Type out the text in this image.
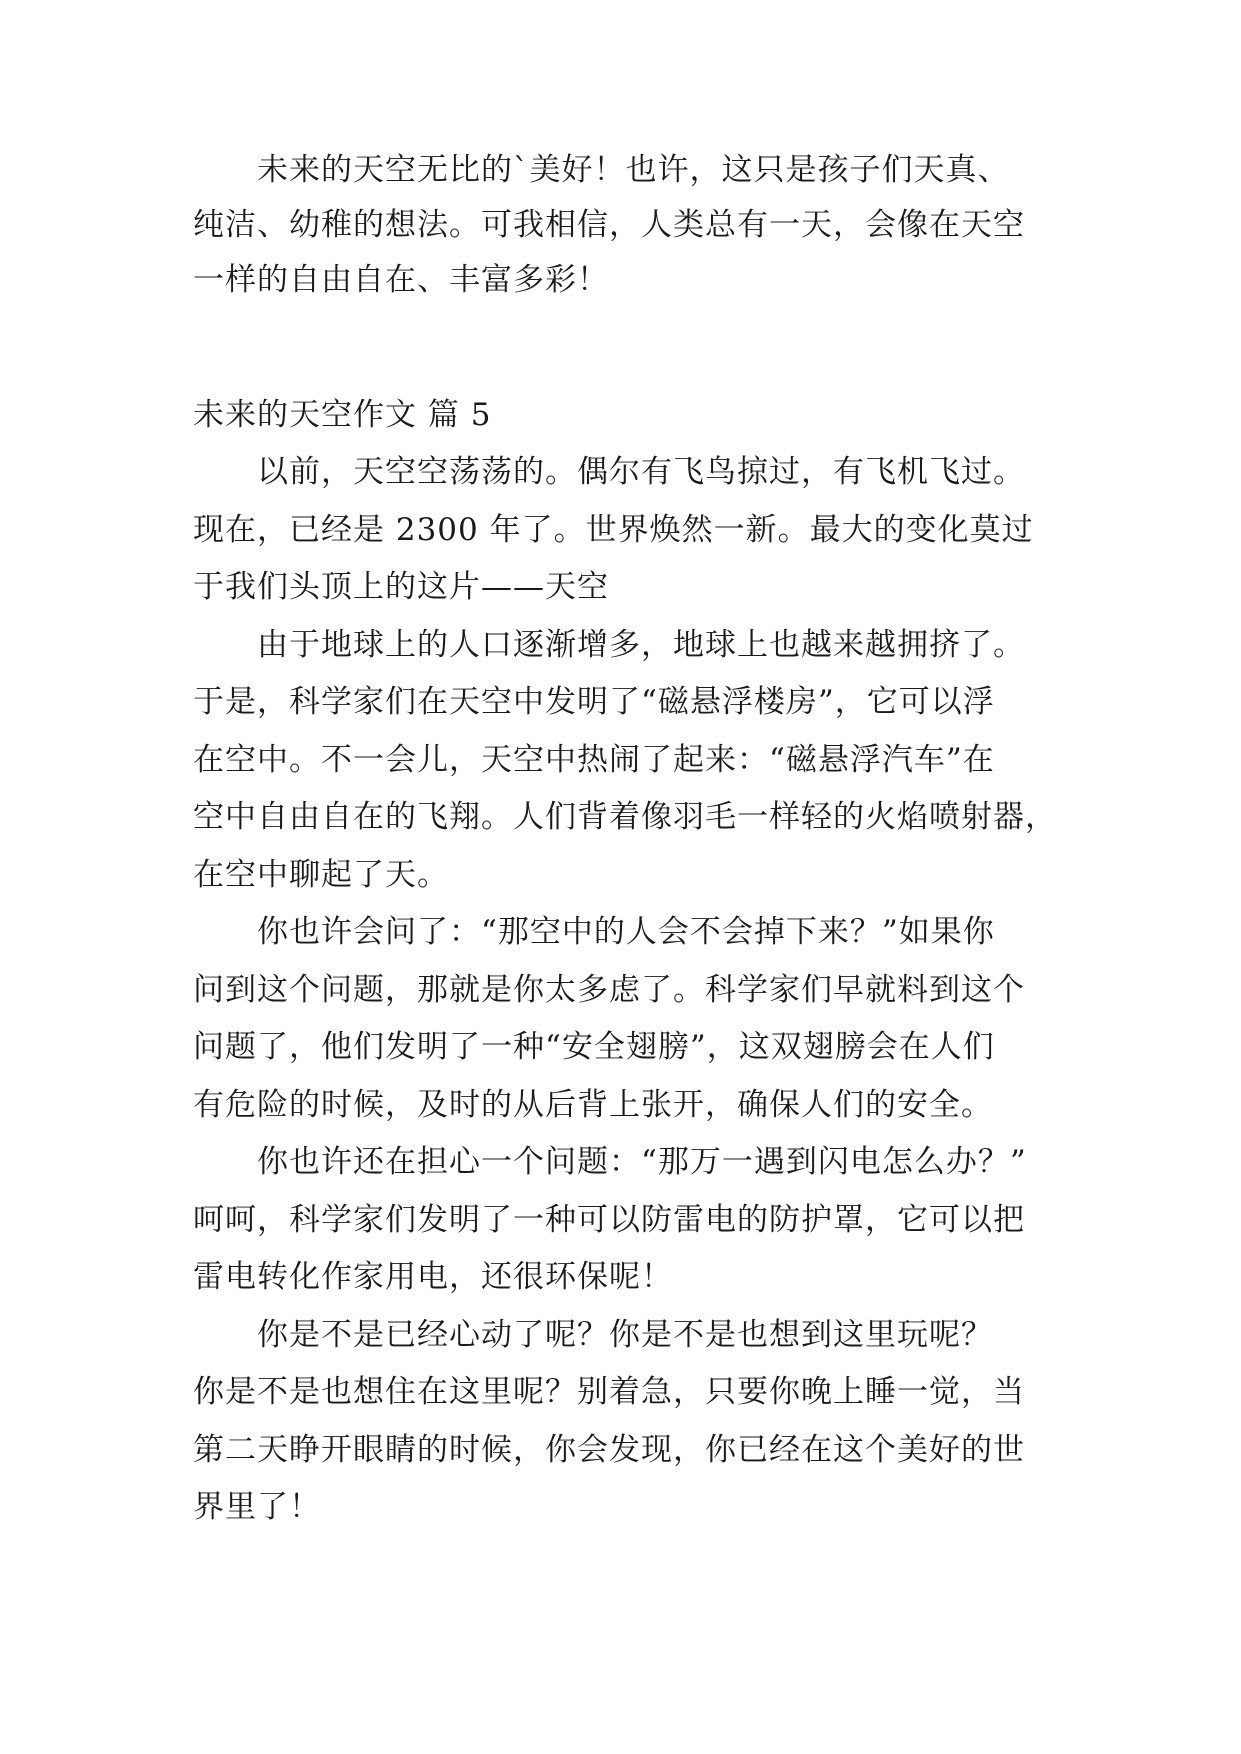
　　未来的天空无比的`美好！也许，这只是孩子们天真、
纯洁、幼稚的想法。可我相信，人类总有一天，会像在天空
一样的自由自在、丰富多彩！
未来的天空作文 篇 5
　　以前，天空空荡荡的。偶尔有飞鸟掠过，有飞机飞过。
现在，已经是 2300 年了。世界焕然一新。最大的变化莫过
于我们头顶上的这片——天空
　　由于地球上的人口逐渐增多，地球上也越来越拥挤了。
于是，科学家们在天空中发明了“磁悬浮楼房”，它可以浮
在空中。不一会儿，天空中热闹了起来：“磁悬浮汽车”在
空中自由自在的飞翔。人们背着像羽毛一样轻的火焰喷射器，
在空中聊起了天。
　　你也许会问了：“那空中的人会不会掉下来？”如果你
问到这个问题，那就是你太多虑了。科学家们早就料到这个
问题了，他们发明了一种“安全翅膀”，这双翅膀会在人们
有危险的时候，及时的从后背上张开，确保人们的安全。
　　你也许还在担心一个问题：“那万一遇到闪电怎么办？”
呵呵，科学家们发明了一种可以防雷电的防护罩，它可以把
雷电转化作家用电，还很环保呢！
　　你是不是已经心动了呢？你是不是也想到这里玩呢？
你是不是也想住在这里呢？别着急，只要你晚上睡一觉，当
第二天睁开眼睛的时候，你会发现，你已经在这个美好的世
界里了！
